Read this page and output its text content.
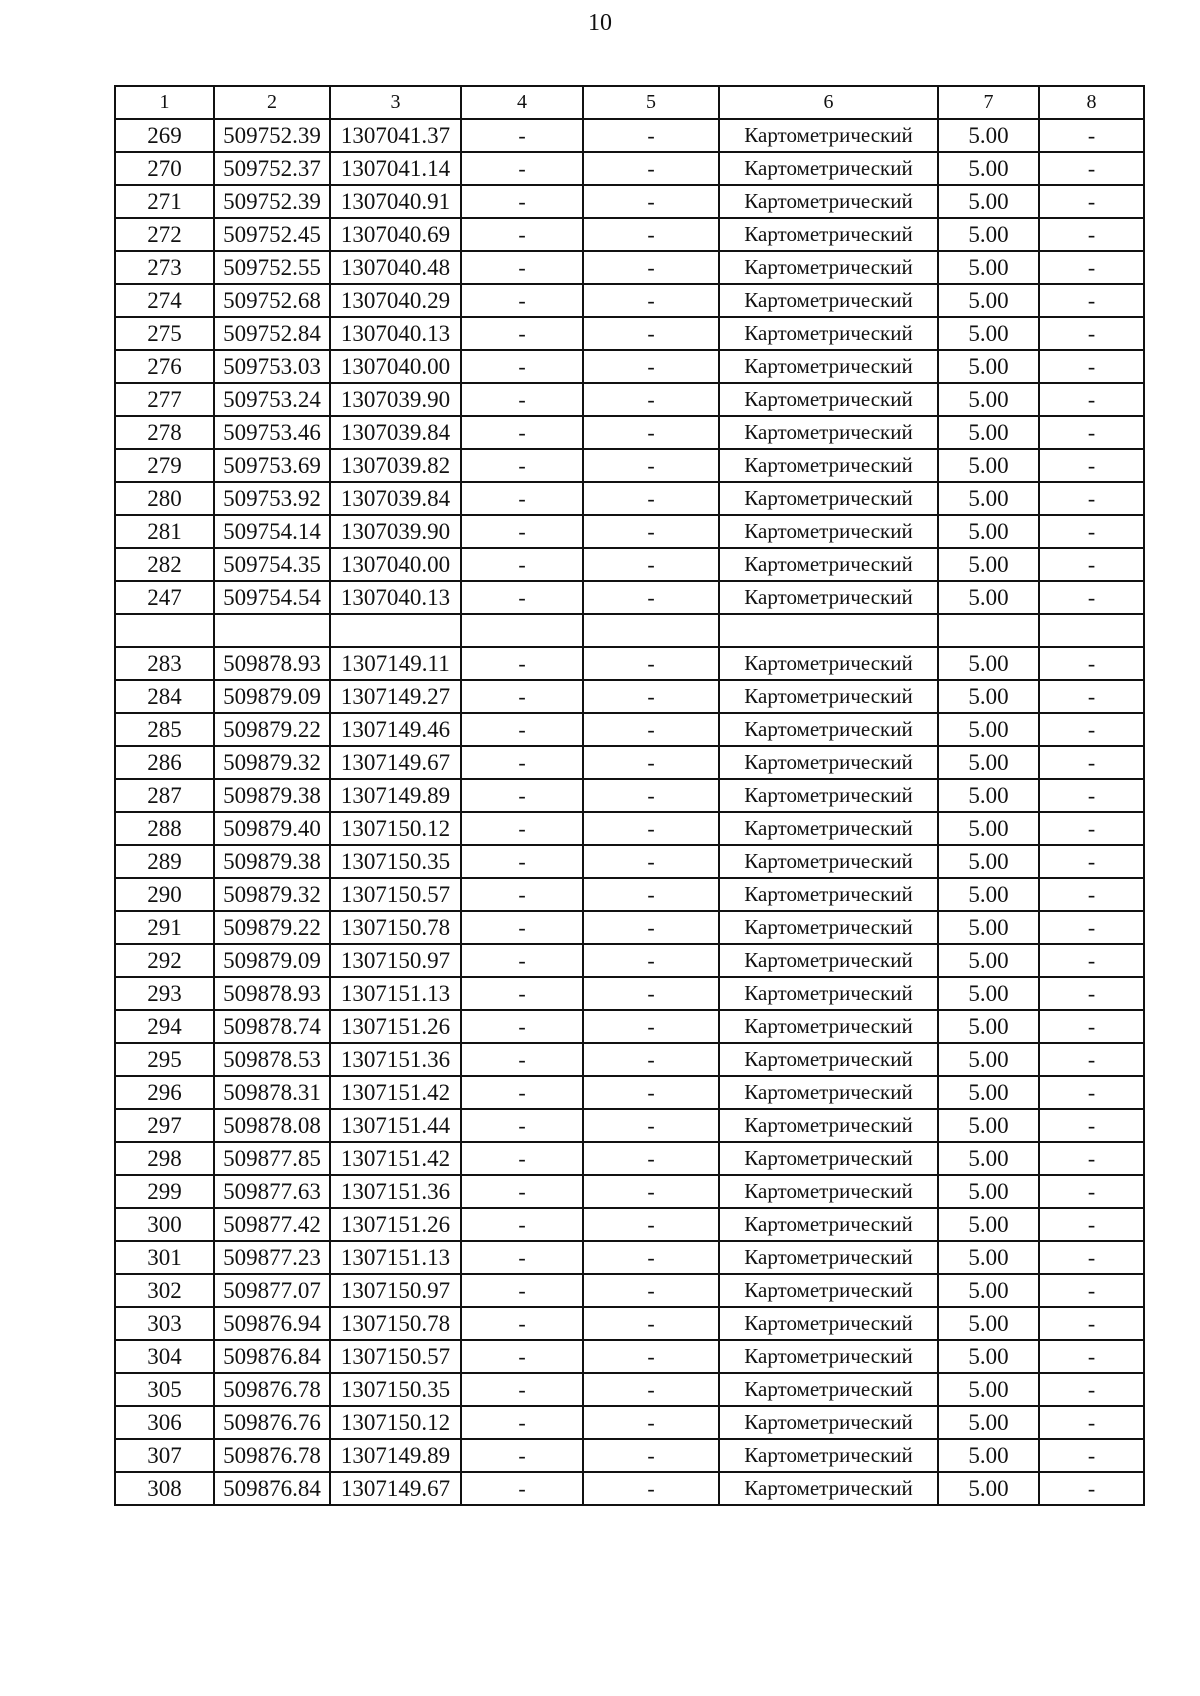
10
1	2	3	4	5	6	7	8
269	509752.39	1307041.37	-	-	Картометрический	5.00	-
270	509752.37	1307041.14	-	-	Картометрический	5.00	-
271	509752.39	1307040.91	-	-	Картометрический	5.00	-
272	509752.45	1307040.69	-	-	Картометрический	5.00	-
273	509752.55	1307040.48	-	-	Картометрический	5.00	-
274	509752.68	1307040.29	-	-	Картометрический	5.00	-
275	509752.84	1307040.13	-	-	Картометрический	5.00	-
276	509753.03	1307040.00	-	-	Картометрический	5.00	-
277	509753.24	1307039.90	-	-	Картометрический	5.00	-
278	509753.46	1307039.84	-	-	Картометрический	5.00	-
279	509753.69	1307039.82	-	-	Картометрический	5.00	-
280	509753.92	1307039.84	-	-	Картометрический	5.00	-
281	509754.14	1307039.90	-	-	Картометрический	5.00	-
282	509754.35	1307040.00	-	-	Картометрический	5.00	-
247	509754.54	1307040.13	-	-	Картометрический	5.00	-

283	509878.93	1307149.11	-	-	Картометрический	5.00	-
284	509879.09	1307149.27	-	-	Картометрический	5.00	-
285	509879.22	1307149.46	-	-	Картометрический	5.00	-
286	509879.32	1307149.67	-	-	Картометрический	5.00	-
287	509879.38	1307149.89	-	-	Картометрический	5.00	-
288	509879.40	1307150.12	-	-	Картометрический	5.00	-
289	509879.38	1307150.35	-	-	Картометрический	5.00	-
290	509879.32	1307150.57	-	-	Картометрический	5.00	-
291	509879.22	1307150.78	-	-	Картометрический	5.00	-
292	509879.09	1307150.97	-	-	Картометрический	5.00	-
293	509878.93	1307151.13	-	-	Картометрический	5.00	-
294	509878.74	1307151.26	-	-	Картометрический	5.00	-
295	509878.53	1307151.36	-	-	Картометрический	5.00	-
296	509878.31	1307151.42	-	-	Картометрический	5.00	-
297	509878.08	1307151.44	-	-	Картометрический	5.00	-
298	509877.85	1307151.42	-	-	Картометрический	5.00	-
299	509877.63	1307151.36	-	-	Картометрический	5.00	-
300	509877.42	1307151.26	-	-	Картометрический	5.00	-
301	509877.23	1307151.13	-	-	Картометрический	5.00	-
302	509877.07	1307150.97	-	-	Картометрический	5.00	-
303	509876.94	1307150.78	-	-	Картометрический	5.00	-
304	509876.84	1307150.57	-	-	Картометрический	5.00	-
305	509876.78	1307150.35	-	-	Картометрический	5.00	-
306	509876.76	1307150.12	-	-	Картометрический	5.00	-
307	509876.78	1307149.89	-	-	Картометрический	5.00	-
308	509876.84	1307149.67	-	-	Картометрический	5.00	-
